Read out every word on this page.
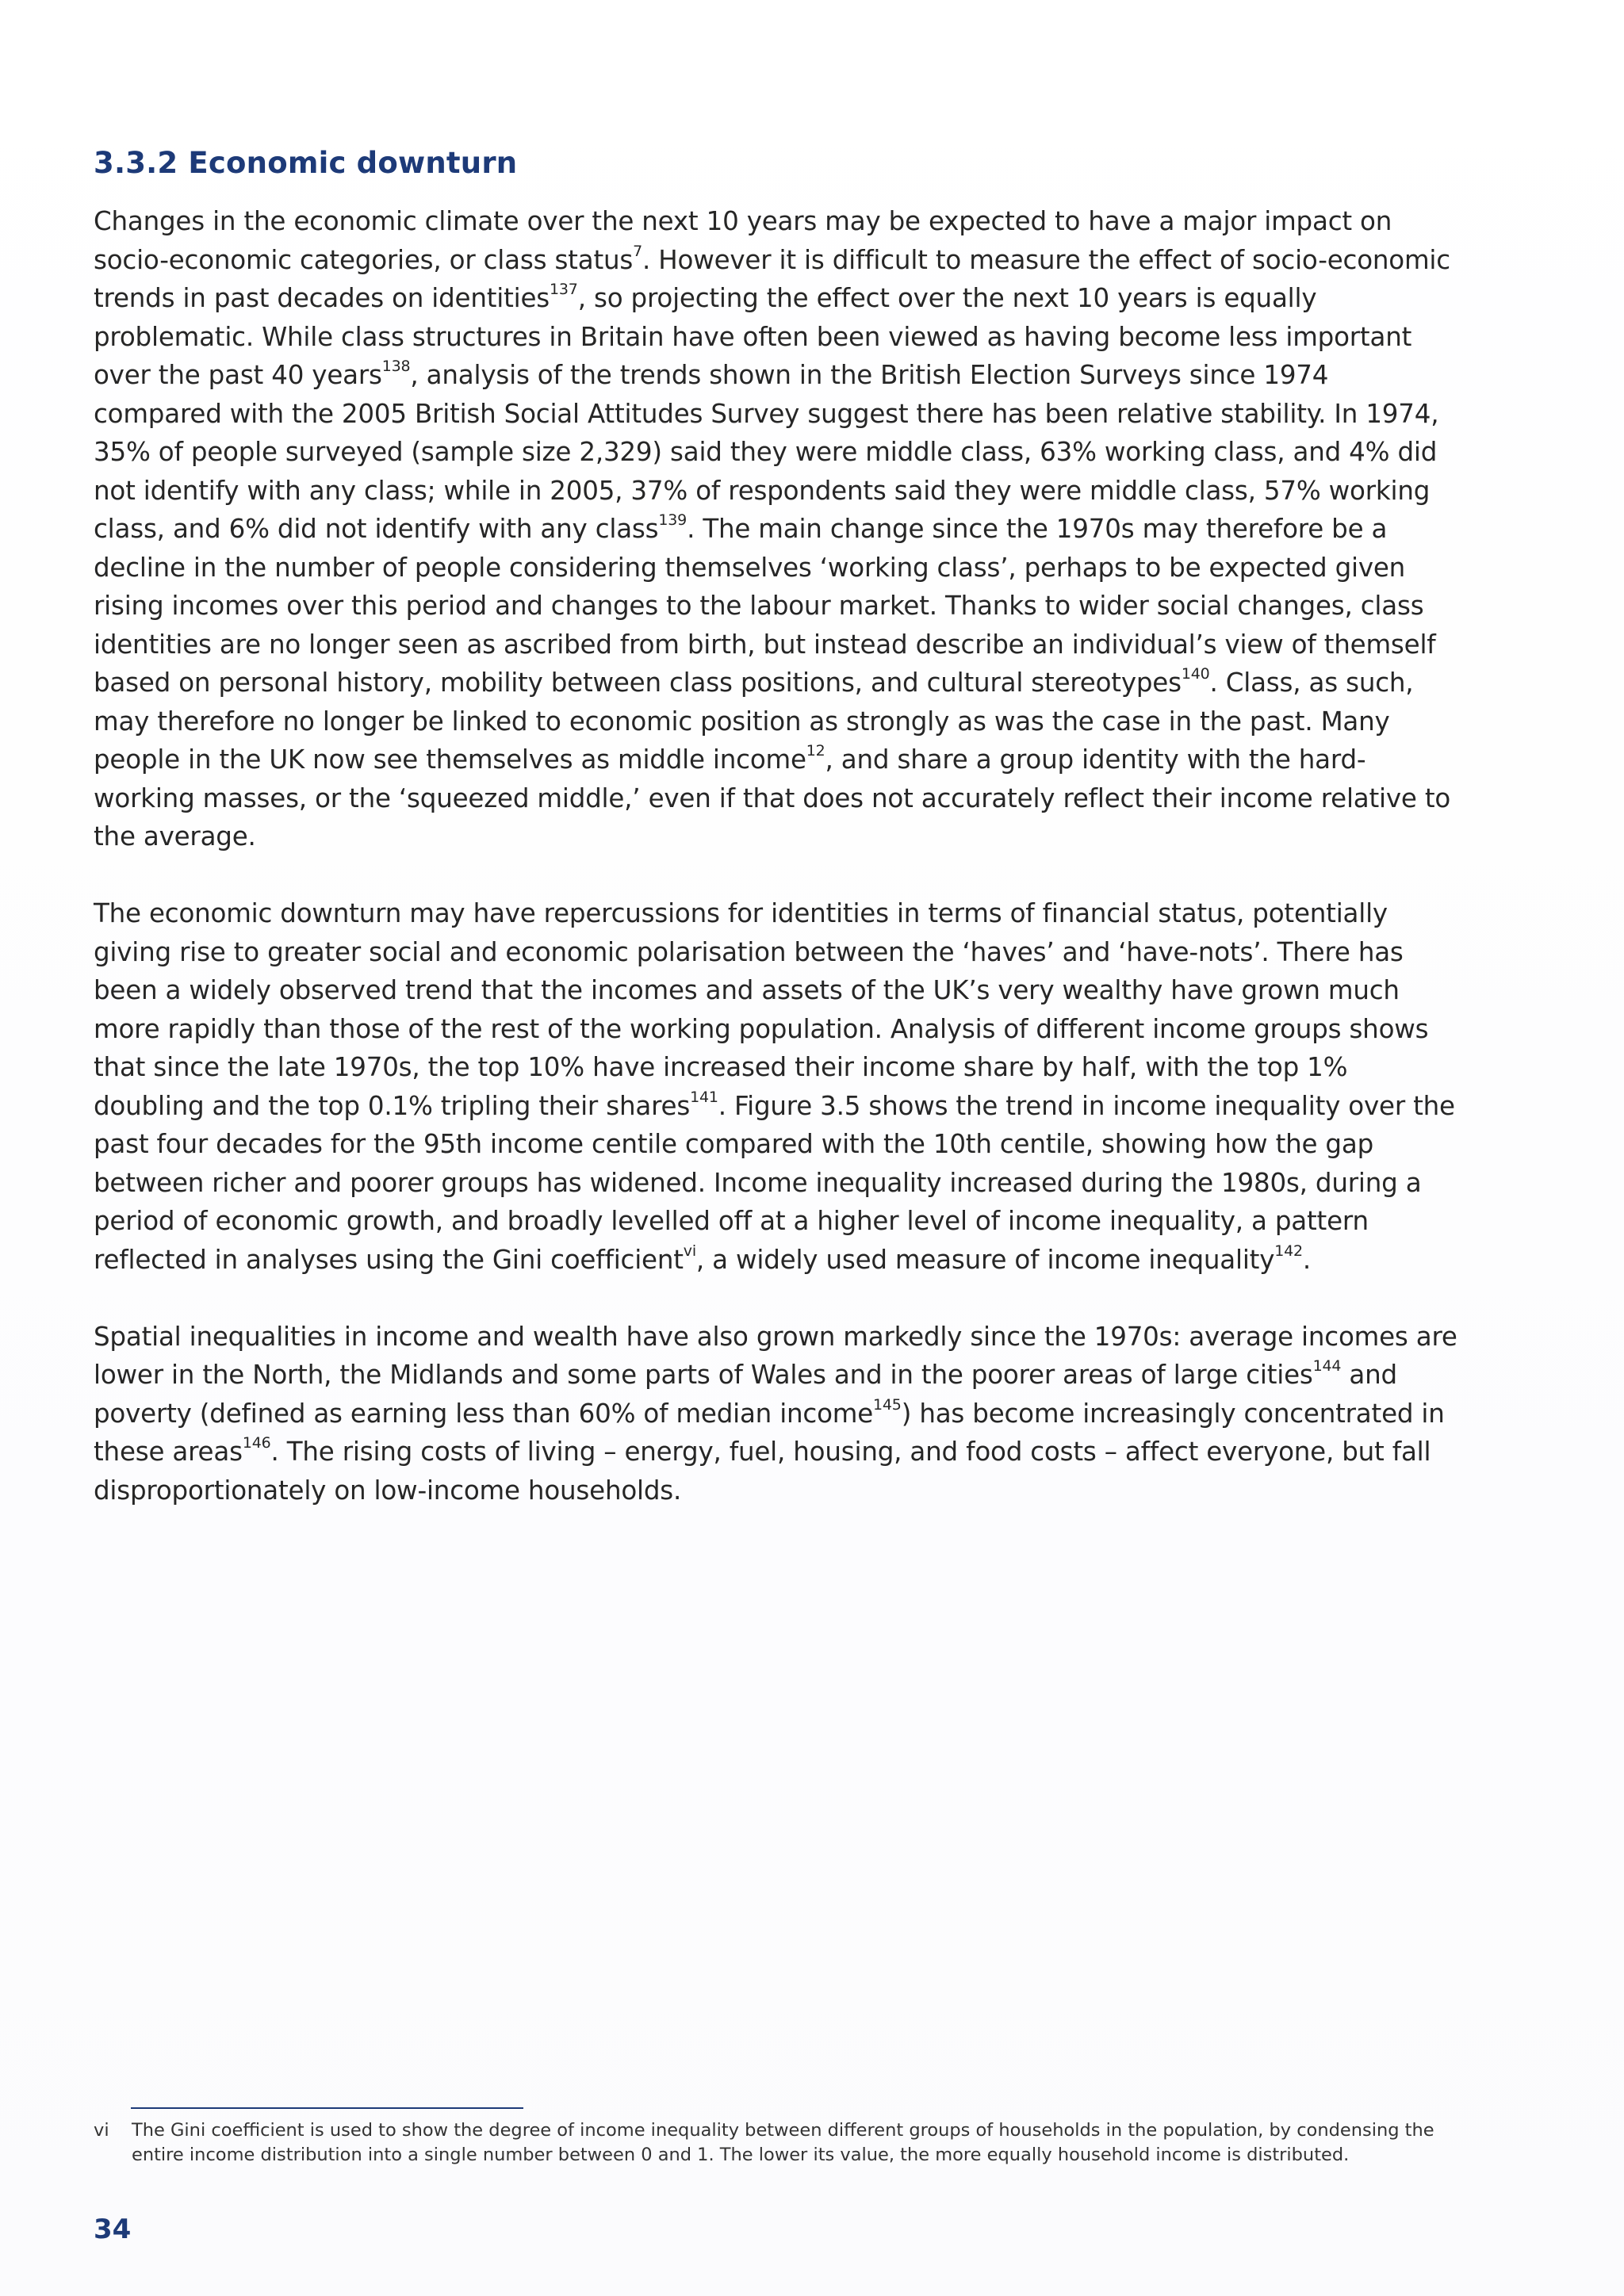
3.3.2 Economic downturn

Changes in the economic climate over the next 10 years may be expected to have a major impact on socio-economic categories, or class status$^7$. However it is difficult to measure the effect of socio-economic trends in past decades on identities$^{137}$, so projecting the effect over the next 10 years is equally problematic. While class structures in Britain have often been viewed as having become less important over the past 40 years$^{138}$, analysis of the trends shown in the British Election Surveys since 1974 compared with the 2005 British Social Attitudes Survey suggest there has been relative stability. In 1974, 35% of people surveyed (sample size 2,329) said they were middle class, 63% working class, and 4% did not identify with any class; while in 2005, 37% of respondents said they were middle class, 57% working class, and 6% did not identify with any class$^{139}$. The main change since the 1970s may therefore be a decline in the number of people considering themselves ‘working class’, perhaps to be expected given rising incomes over this period and changes to the labour market. Thanks to wider social changes, class identities are no longer seen as ascribed from birth, but instead describe an individual’s view of themself based on personal history, mobility between class positions, and cultural stereotypes$^{140}$. Class, as such, may therefore no longer be linked to economic position as strongly as was the case in the past. Many people in the UK now see themselves as middle income$^{12}$, and share a group identity with the hard-working masses, or the ‘squeezed middle,’ even if that does not accurately reflect their income relative to the average.

The economic downturn may have repercussions for identities in terms of financial status, potentially giving rise to greater social and economic polarisation between the ‘haves’ and ‘have-nots’. There has been a widely observed trend that the incomes and assets of the UK’s very wealthy have grown much more rapidly than those of the rest of the working population. Analysis of different income groups shows that since the late 1970s, the top 10% have increased their income share by half, with the top 1% doubling and the top 0.1% tripling their shares$^{141}$. Figure 3.5 shows the trend in income inequality over the past four decades for the 95th income centile compared with the 10th centile, showing how the gap between richer and poorer groups has widened. Income inequality increased during the 1980s, during a period of economic growth, and broadly levelled off at a higher level of income inequality, a pattern reflected in analyses using the Gini coefficient$^{vi}$, a widely used measure of income inequality$^{142}$.

Spatial inequalities in income and wealth have also grown markedly since the 1970s: average incomes are lower in the North, the Midlands and some parts of Wales and in the poorer areas of large cities$^{144}$ and poverty (defined as earning less than 60% of median income$^{145}$) has become increasingly concentrated in these areas$^{146}$. The rising costs of living – energy, fuel, housing, and food costs – affect everyone, but fall disproportionately on low-income households.

vi The Gini coefficient is used to show the degree of income inequality between different groups of households in the population, by condensing the entire income distribution into a single number between 0 and 1. The lower its value, the more equally household income is distributed.
34
